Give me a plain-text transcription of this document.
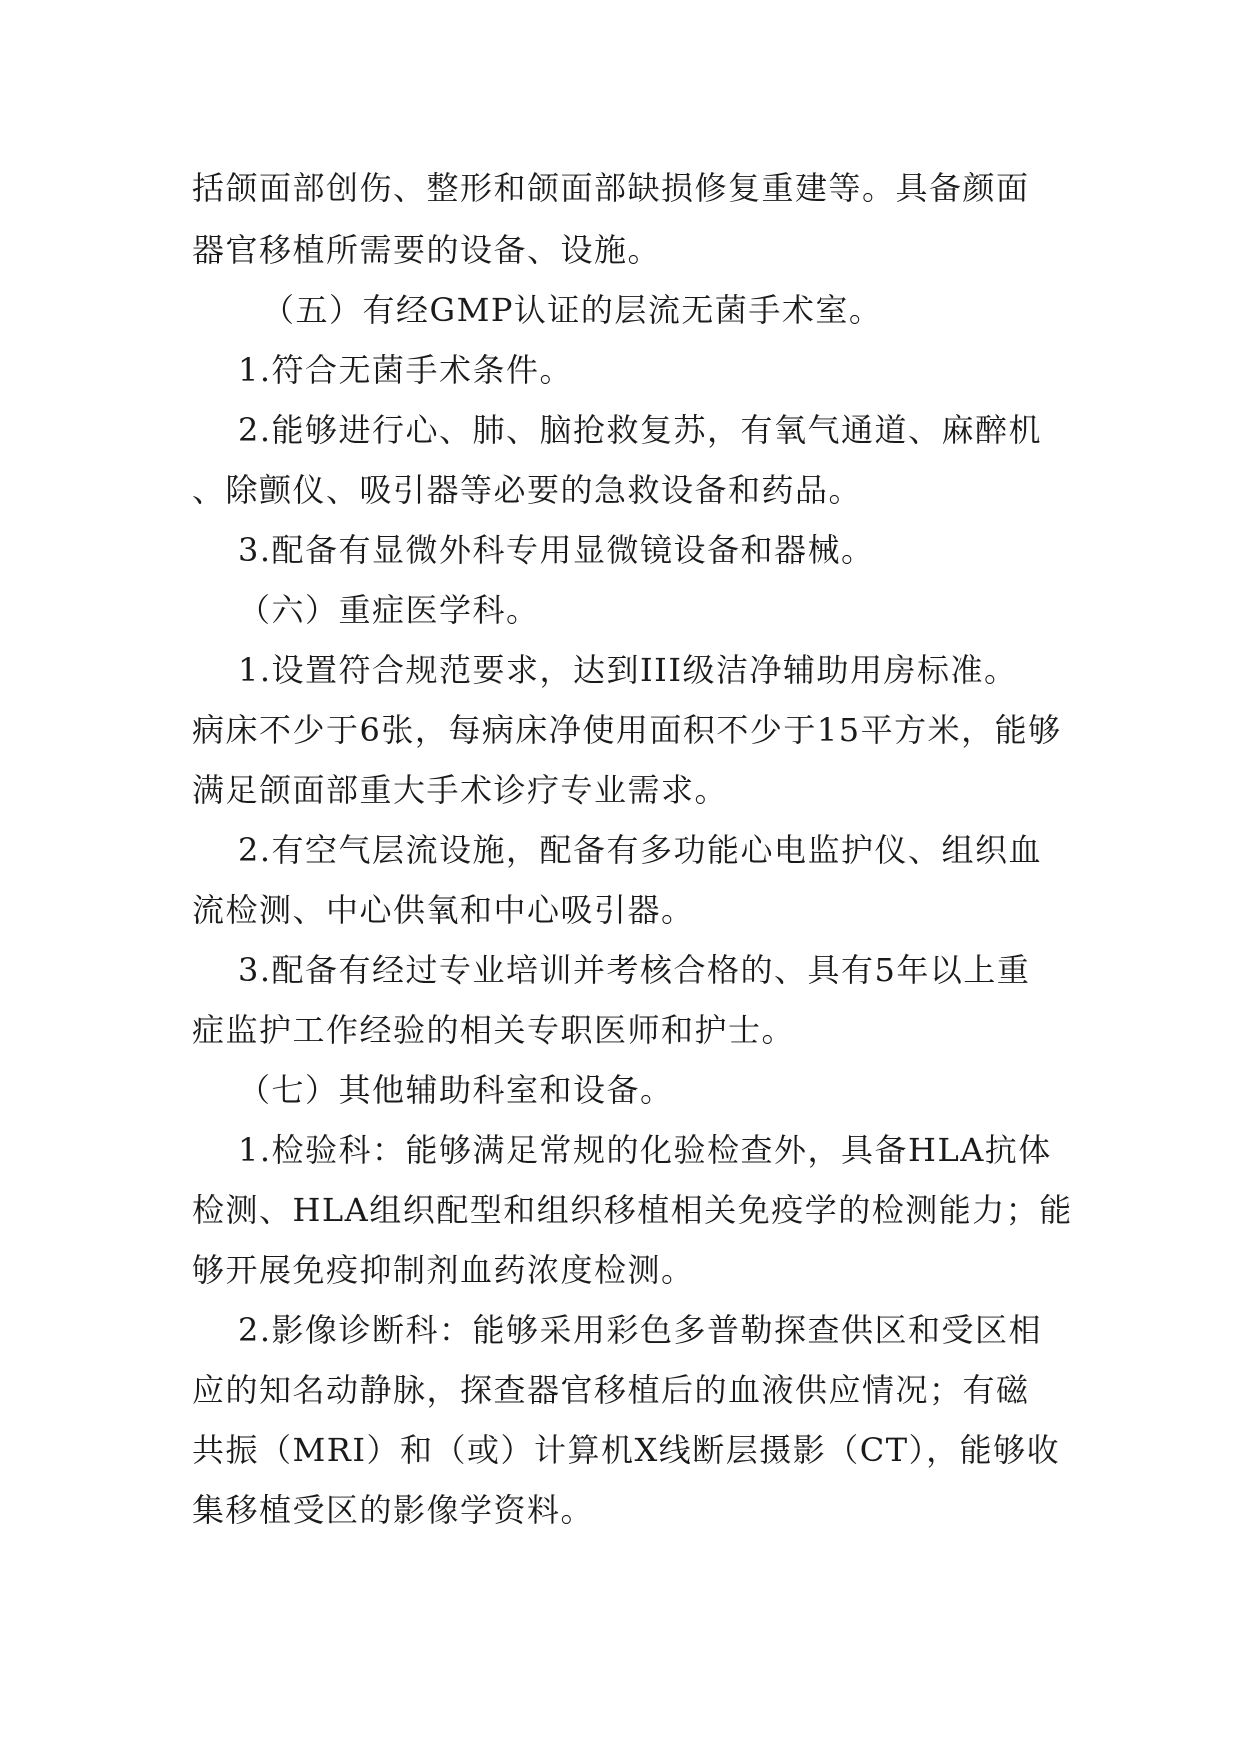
括颌面部创伤、整形和颌面部缺损修复重建等。具备颜面

器官移植所需要的设备、设施。

（五）有经GMP认证的层流无菌手术室。

1.符合无菌手术条件。

2.能够进行心、肺、脑抢救复苏，有氧气通道、麻醉机

、除颤仪、吸引器等必要的急救设备和药品。

3.配备有显微外科专用显微镜设备和器械。

（六）重症医学科。

1.设置符合规范要求，达到III级洁净辅助用房标准。

病床不少于6张，每病床净使用面积不少于15平方米，能够

满足颌面部重大手术诊疗专业需求。

2.有空气层流设施，配备有多功能心电监护仪、组织血

流检测、中心供氧和中心吸引器。

3.配备有经过专业培训并考核合格的、具有5年以上重

症监护工作经验的相关专职医师和护士。

（七）其他辅助科室和设备。

1.检验科：能够满足常规的化验检查外，具备HLA抗体

检测、HLA组织配型和组织移植相关免疫学的检测能力；能

够开展免疫抑制剂血药浓度检测。

2.影像诊断科：能够采用彩色多普勒探查供区和受区相

应的知名动静脉，探查器官移植后的血液供应情况；有磁

共振（MRI）和（或）计算机X线断层摄影（CT），能够收

集移植受区的影像学资料。
